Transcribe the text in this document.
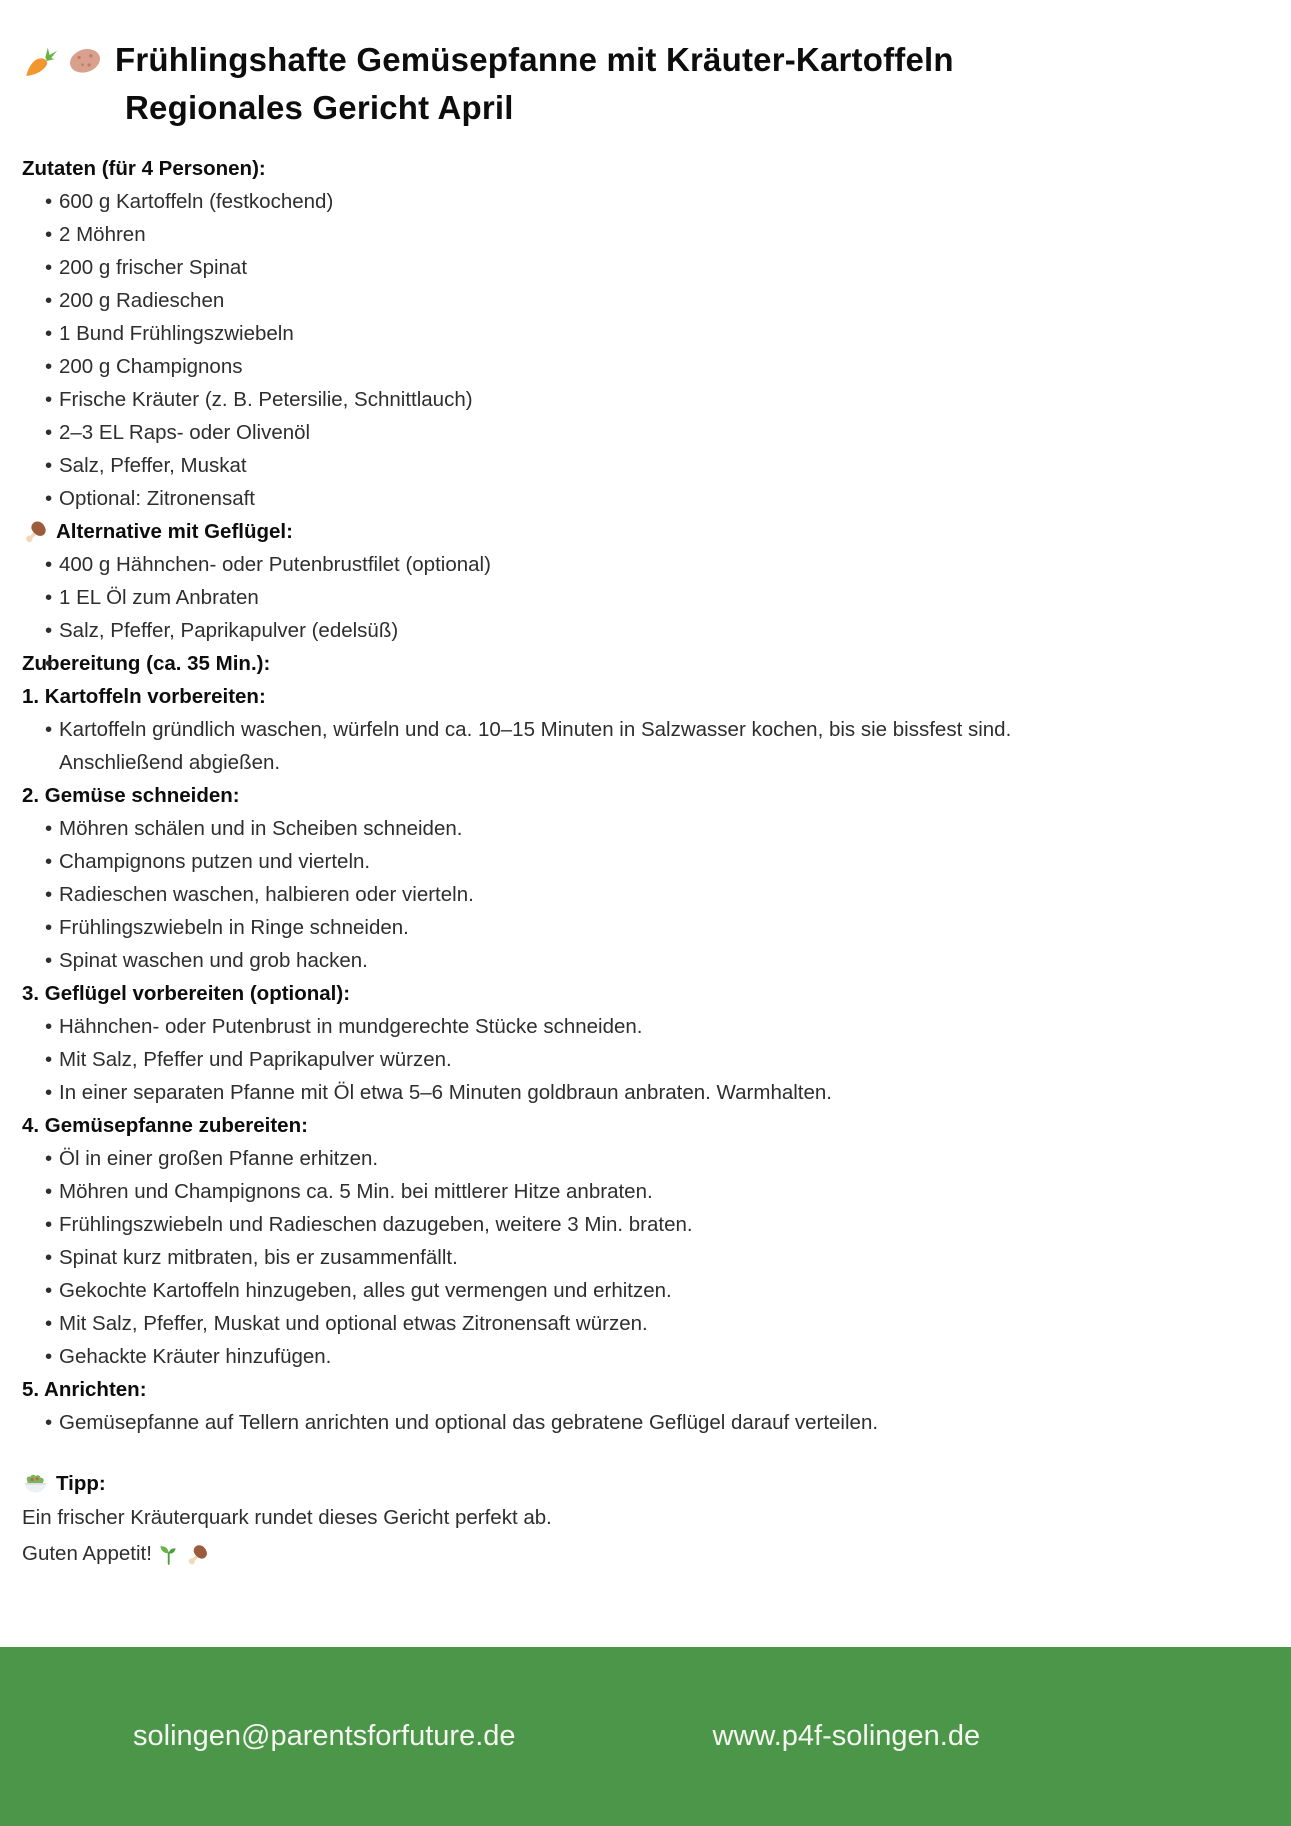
Frühlingshafte Gemüsepfanne mit Kräuter-Kartoffeln
Regionales Gericht April
Zutaten (für 4 Personen):
• 600 g Kartoffeln (festkochend)
• 2 Möhren
• 200 g frischer Spinat
• 200 g Radieschen
• 1 Bund Frühlingszwiebeln
• 200 g Champignons
• Frische Kräuter (z. B. Petersilie, Schnittlauch)
• 2–3 EL Raps- oder Olivenöl
• Salz, Pfeffer, Muskat
• Optional: Zitronensaft
Alternative mit Geflügel:
• 400 g Hähnchen- oder Putenbrustfilet (optional)
• 1 EL Öl zum Anbraten
• Salz, Pfeffer, Paprikapulver (edelsüß)
Zubereitung (ca. 35 Min.):
1. Kartoffeln vorbereiten:
• Kartoffeln gründlich waschen, würfeln und ca. 10–15 Minuten in Salzwasser kochen, bis sie bissfest sind. Anschließend abgießen.
2. Gemüse schneiden:
• Möhren schälen und in Scheiben schneiden.
• Champignons putzen und vierteln.
• Radieschen waschen, halbieren oder vierteln.
• Frühlingszwiebeln in Ringe schneiden.
• Spinat waschen und grob hacken.
3. Geflügel vorbereiten (optional):
• Hähnchen- oder Putenbrust in mundgerechte Stücke schneiden.
• Mit Salz, Pfeffer und Paprikapulver würzen.
• In einer separaten Pfanne mit Öl etwa 5–6 Minuten goldbraun anbraten. Warmhalten.
4. Gemüsepfanne zubereiten:
• Öl in einer großen Pfanne erhitzen.
• Möhren und Champignons ca. 5 Min. bei mittlerer Hitze anbraten.
• Frühlingszwiebeln und Radieschen dazugeben, weitere 3 Min. braten.
• Spinat kurz mitbraten, bis er zusammenfällt.
• Gekochte Kartoffeln hinzugeben, alles gut vermengen und erhitzen.
• Mit Salz, Pfeffer, Muskat und optional etwas Zitronensaft würzen.
• Gehackte Kräuter hinzufügen.
5. Anrichten:
• Gemüsepfanne auf Tellern anrichten und optional das gebratene Geflügel darauf verteilen.
Tipp:
Ein frischer Kräuterquark rundet dieses Gericht perfekt ab.
Guten Appetit!
solingen@parentsforfuture.de	www.p4f-solingen.de
